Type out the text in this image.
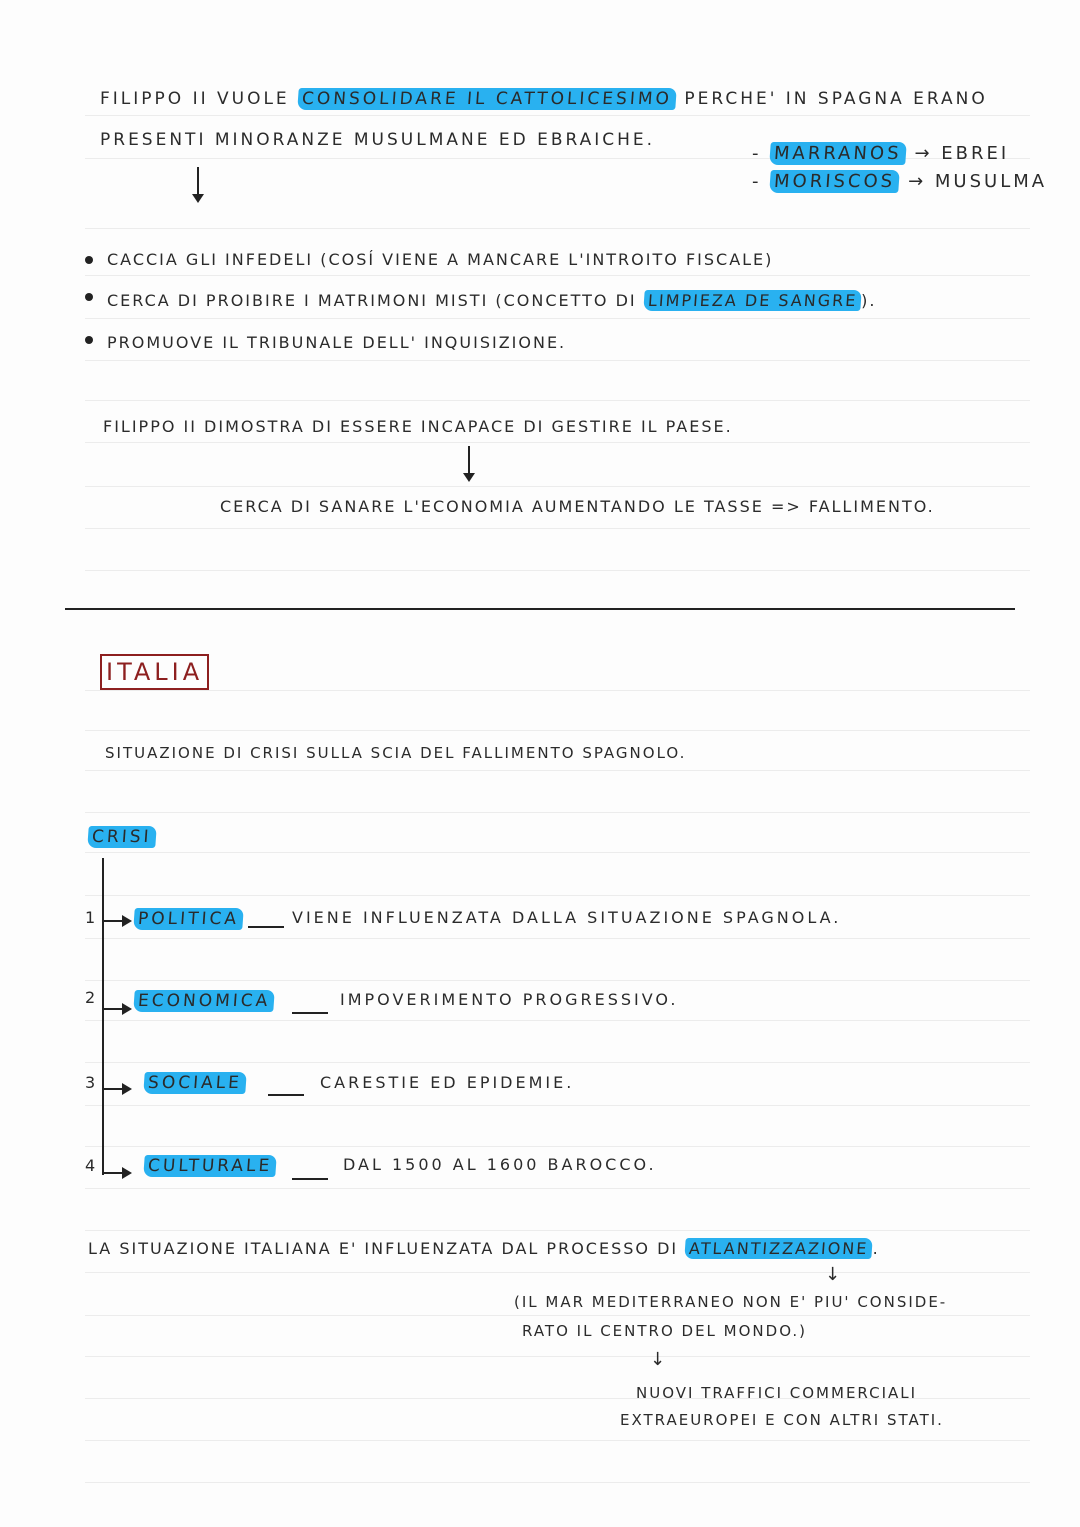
FILIPPO II VUOLE CONSOLIDARE IL CATTOLICESIMO PERCHE' IN SPAGNA ERANO
PRESENTI MINORANZE MUSULMANE ED EBRAICHE.
- MARRANOS → EBREI
- MORISCOS → MUSULMA
CACCIA GLI INFEDELI (COSÍ VIENE A MANCARE L'INTROITO FISCALE)
CERCA DI PROIBIRE I MATRIMONI MISTI (CONCETTO DI LIMPIEZA DE SANGRE ).
PROMUOVE IL TRIBUNALE DELL' INQUISIZIONE.
FILIPPO II DIMOSTRA DI ESSERE INCAPACE DI GESTIRE IL PAESE.
CERCA DI SANARE L'ECONOMIA AUMENTANDO LE TASSE => FALLIMENTO.
ITALIA
SITUAZIONE DI CRISI SULLA SCIA DEL FALLIMENTO SPAGNOLO.
CRISI
1 POLITICA	VIENE INFLUENZATA DALLA SITUAZIONE SPAGNOLA.
2 ECONOMICA	IMPOVERIMENTO PROGRESSIVO.
3	SOCIALE	CARESTIE ED EPIDEMIE.
4	CULTURALE	DAL 1500 AL 1600 BAROCCO.
LA SITUAZIONE ITALIANA E' INFLUENZATA DAL PROCESSO DI ATLANTIZZAZIONE .
↓
(IL MAR MEDITERRANEO NON E' PIU' CONSIDE-
RATO IL CENTRO DEL MONDO.)
↓
NUOVI TRAFFICI COMMERCIALI
EXTRAEUROPEI E CON ALTRI STATI.
